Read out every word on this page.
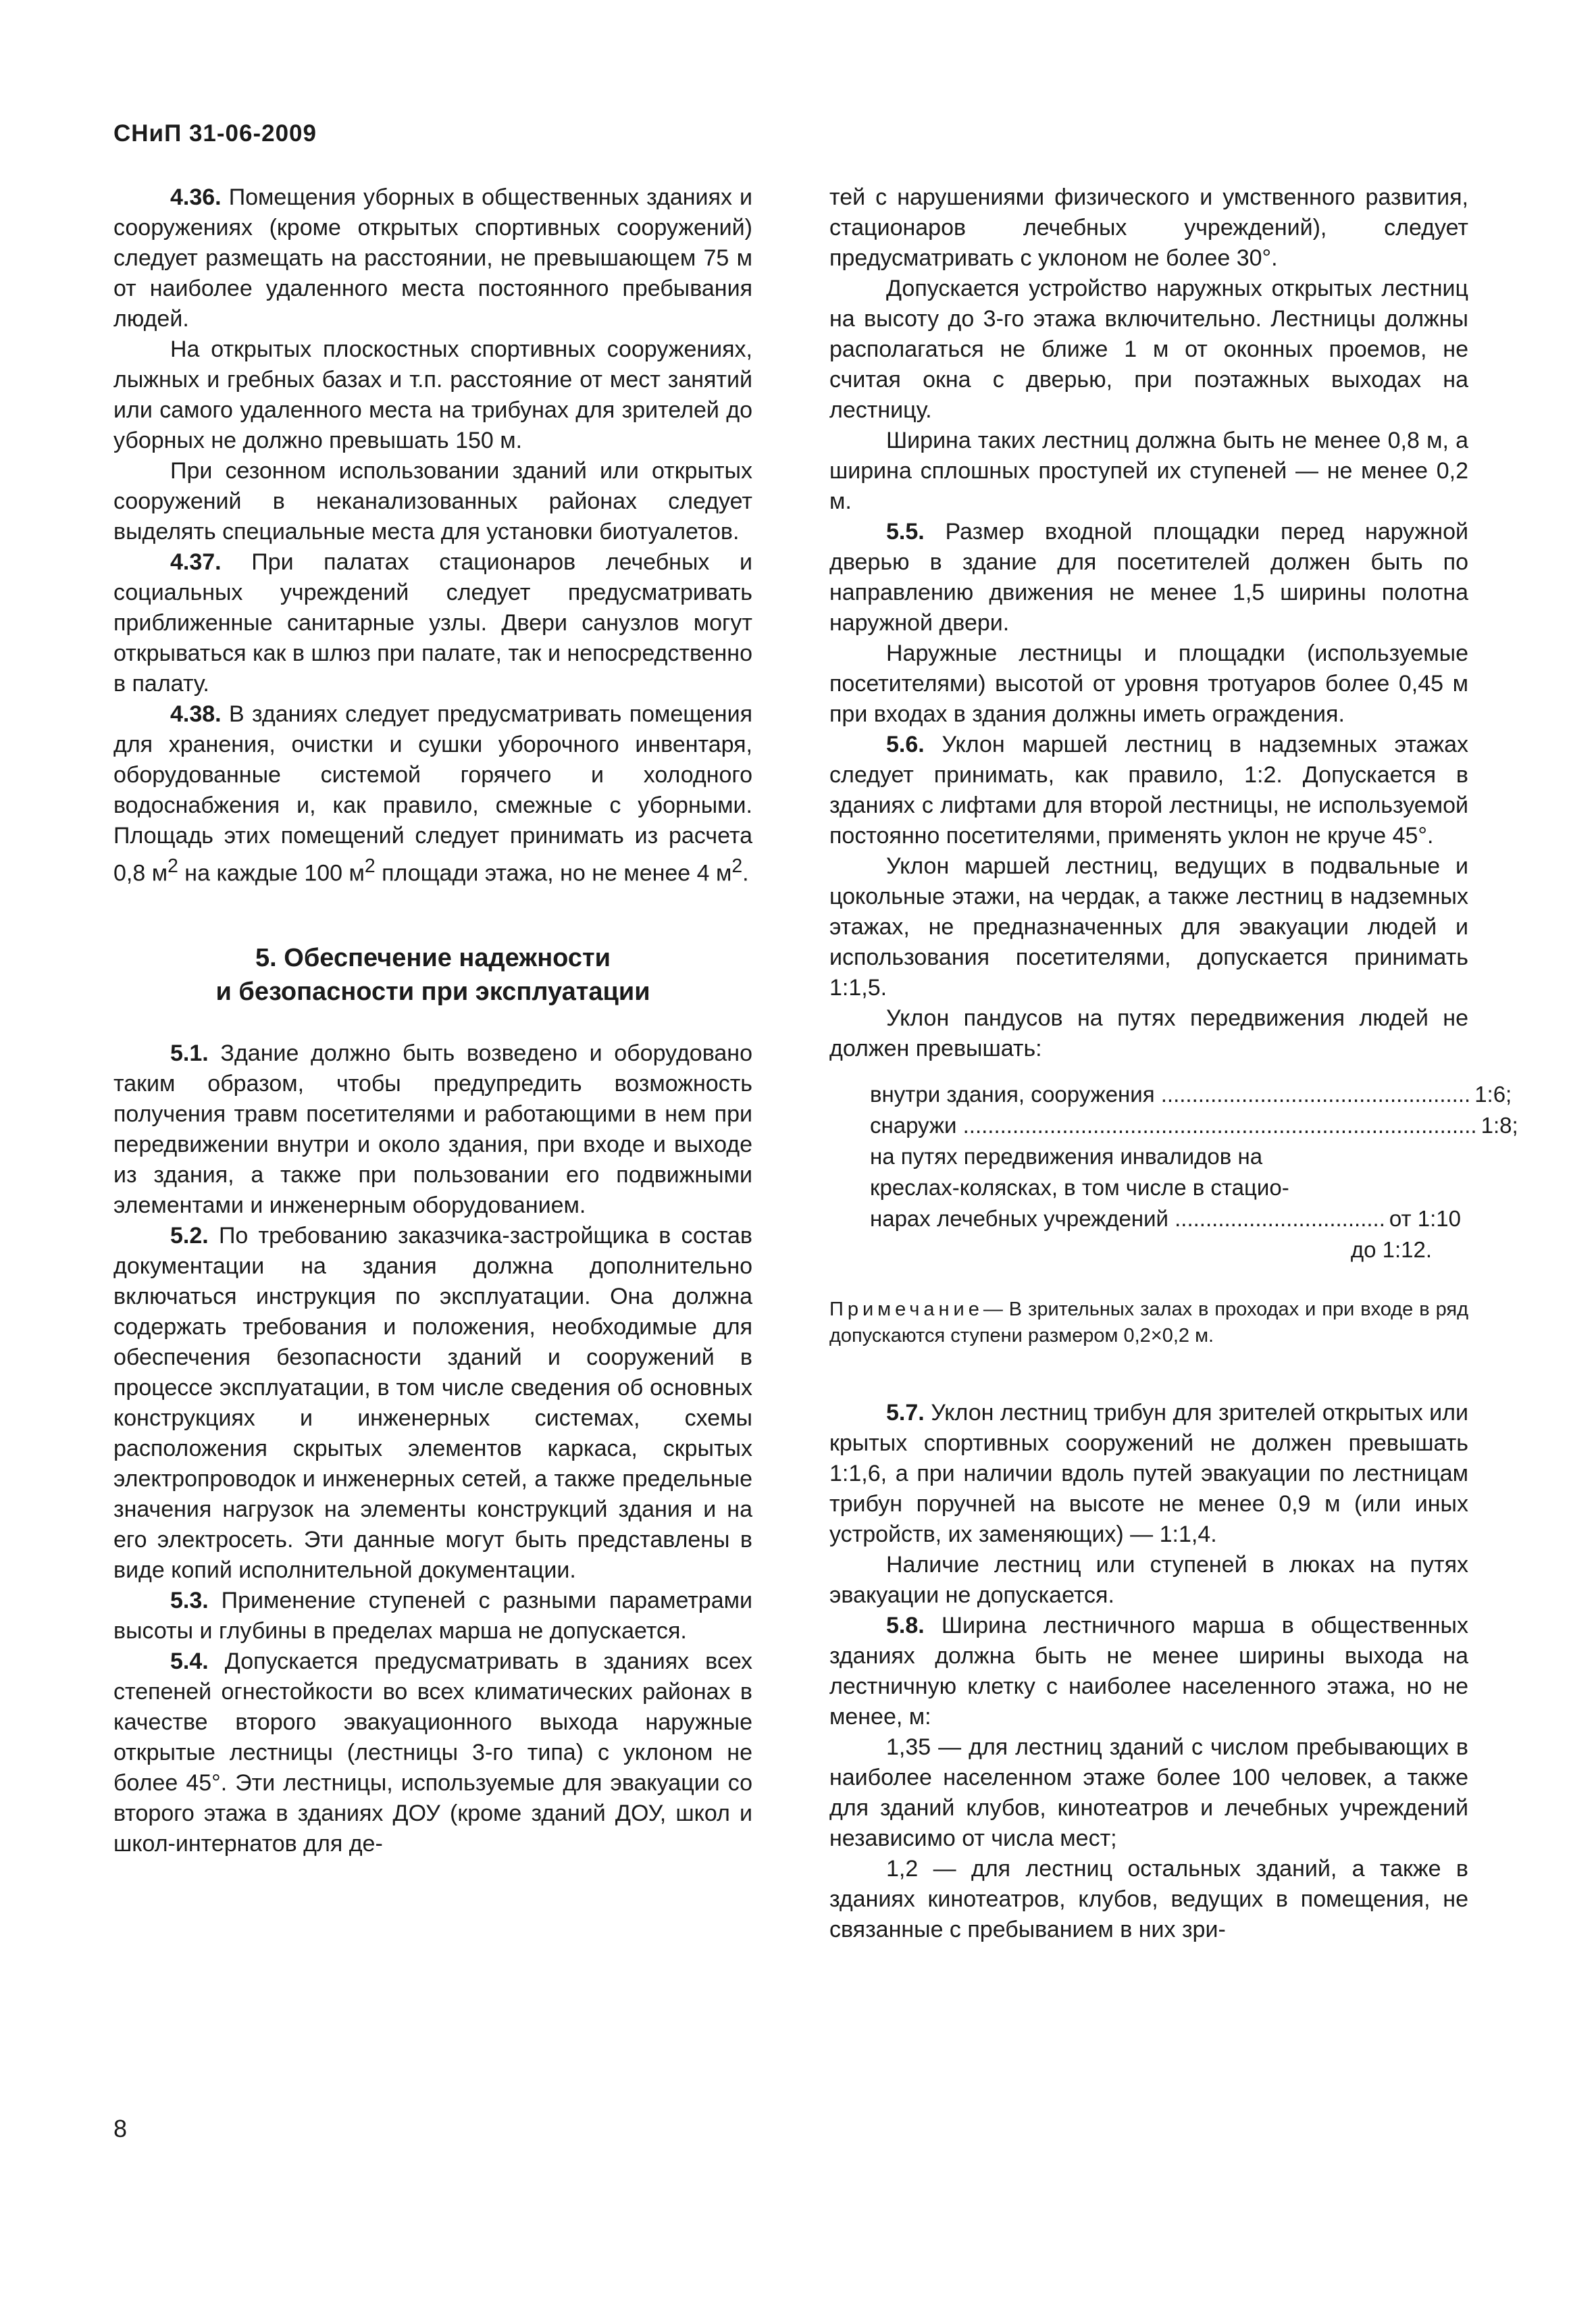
СНиП 31-06-2009

4.36. Помещения уборных в общественных зданиях и сооружениях (кроме открытых спортивных сооружений) следует размещать на расстоянии, не превышающем 75 м от наиболее удаленного места постоянного пребывания людей.

На открытых плоскостных спортивных сооружениях, лыжных и гребных базах и т.п. расстояние от мест занятий или самого удаленного места на трибунах для зрителей до уборных не должно превышать 150 м.

При сезонном использовании зданий или открытых сооружений в неканализованных районах следует выделять специальные места для установки биотуалетов.

4.37. При палатах стационаров лечебных и социальных учреждений следует предусматривать приближенные санитарные узлы. Двери санузлов могут открываться как в шлюз при палате, так и непосредственно в палату.

4.38. В зданиях следует предусматривать помещения для хранения, очистки и сушки уборочного инвентаря, оборудованные системой горячего и холодного водоснабжения и, как правило, смежные с уборными. Площадь этих помещений следует принимать из расчета 0,8 $м^2$ на каждые 100 $м^2$ площади этажа, но не менее 4 $м^2$.

5. Обеспечение надежности
и безопасности при эксплуатации

5.1. Здание должно быть возведено и оборудовано таким образом, чтобы предупредить возможность получения травм посетителями и работающими в нем при передвижении внутри и около здания, при входе и выходе из здания, а также при пользовании его подвижными элементами и инженерным оборудованием.

5.2. По требованию заказчика-застройщика в состав документации на здания должна дополнительно включаться инструкция по эксплуатации. Она должна содержать требования и положения, необходимые для обеспечения безопасности зданий и сооружений в процессе эксплуатации, в том числе сведения об основных конструкциях и инженерных системах, схемы расположения скрытых элементов каркаса, скрытых электропроводок и инженерных сетей, а также предельные значения нагрузок на элементы конструкций здания и на его электросеть. Эти данные могут быть представлены в виде копий исполнительной документации.

5.3. Применение ступеней с разными параметрами высоты и глубины в пределах марша не допускается.

5.4. Допускается предусматривать в зданиях всех степеней огнестойкости во всех климатических районах в качестве второго эвакуационного выхода наружные открытые лестницы (лестницы 3-го типа) с уклоном не более 45°. Эти лестницы, используемые для эвакуации со второго этажа в зданиях ДОУ (кроме зданий ДОУ, школ и школ-интернатов для де-

тей с нарушениями физического и умственного развития, стационаров лечебных учреждений), следует предусматривать с уклоном не более 30°.

Допускается устройство наружных открытых лестниц на высоту до 3-го этажа включительно. Лестницы должны располагаться не ближе 1 м от оконных проемов, не считая окна с дверью, при поэтажных выходах на лестницу.

Ширина таких лестниц должна быть не менее 0,8 м, а ширина сплошных проступей их ступеней — не менее 0,2 м.

5.5. Размер входной площадки перед наружной дверью в здание для посетителей должен быть по направлению движения не менее 1,5 ширины полотна наружной двери.

Наружные лестницы и площадки (используемые посетителями) высотой от уровня тротуаров более 0,45 м при входах в здания должны иметь ограждения.

5.6. Уклон маршей лестниц в надземных этажах следует принимать, как правило, 1:2. Допускается в зданиях с лифтами для второй лестницы, не используемой постоянно посетителями, применять уклон не круче 45°.

Уклон маршей лестниц, ведущих в подвальные и цокольные этажи, на чердак, а также лестниц в надземных этажах, не предназначенных для эвакуации людей и использования посетителями, допускается принимать 1:1,5.

Уклон пандусов на путях передвижения людей не должен превышать:

внутри здания, сооружения .................................................. 1:6;
снаружи ................................................................................... 1:8;
на путях передвижения инвалидов на
креслах-колясках, в том числе в стацио-
нарах лечебных учреждений .................................. от 1:10
до 1:12.
Примечание— В зрительных залах в проходах и при входе в ряд допускаются ступени размером 0,2×0,2 м.

5.7. Уклон лестниц трибун для зрителей открытых или крытых спортивных сооружений не должен превышать 1:1,6, а при наличии вдоль путей эвакуации по лестницам трибун поручней на высоте не менее 0,9 м (или иных устройств, их заменяющих) — 1:1,4.

Наличие лестниц или ступеней в люках на путях эвакуации не допускается.

5.8. Ширина лестничного марша в общественных зданиях должна быть не менее ширины выхода на лестничную клетку с наиболее населенного этажа, но не менее, м:

1,35 — для лестниц зданий с числом пребывающих в наиболее населенном этаже более 100 человек, а также для зданий клубов, кинотеатров и лечебных учреждений независимо от числа мест;

1,2 — для лестниц остальных зданий, а также в зданиях кинотеатров, клубов, ведущих в помещения, не связанные с пребыванием в них зри-

8
